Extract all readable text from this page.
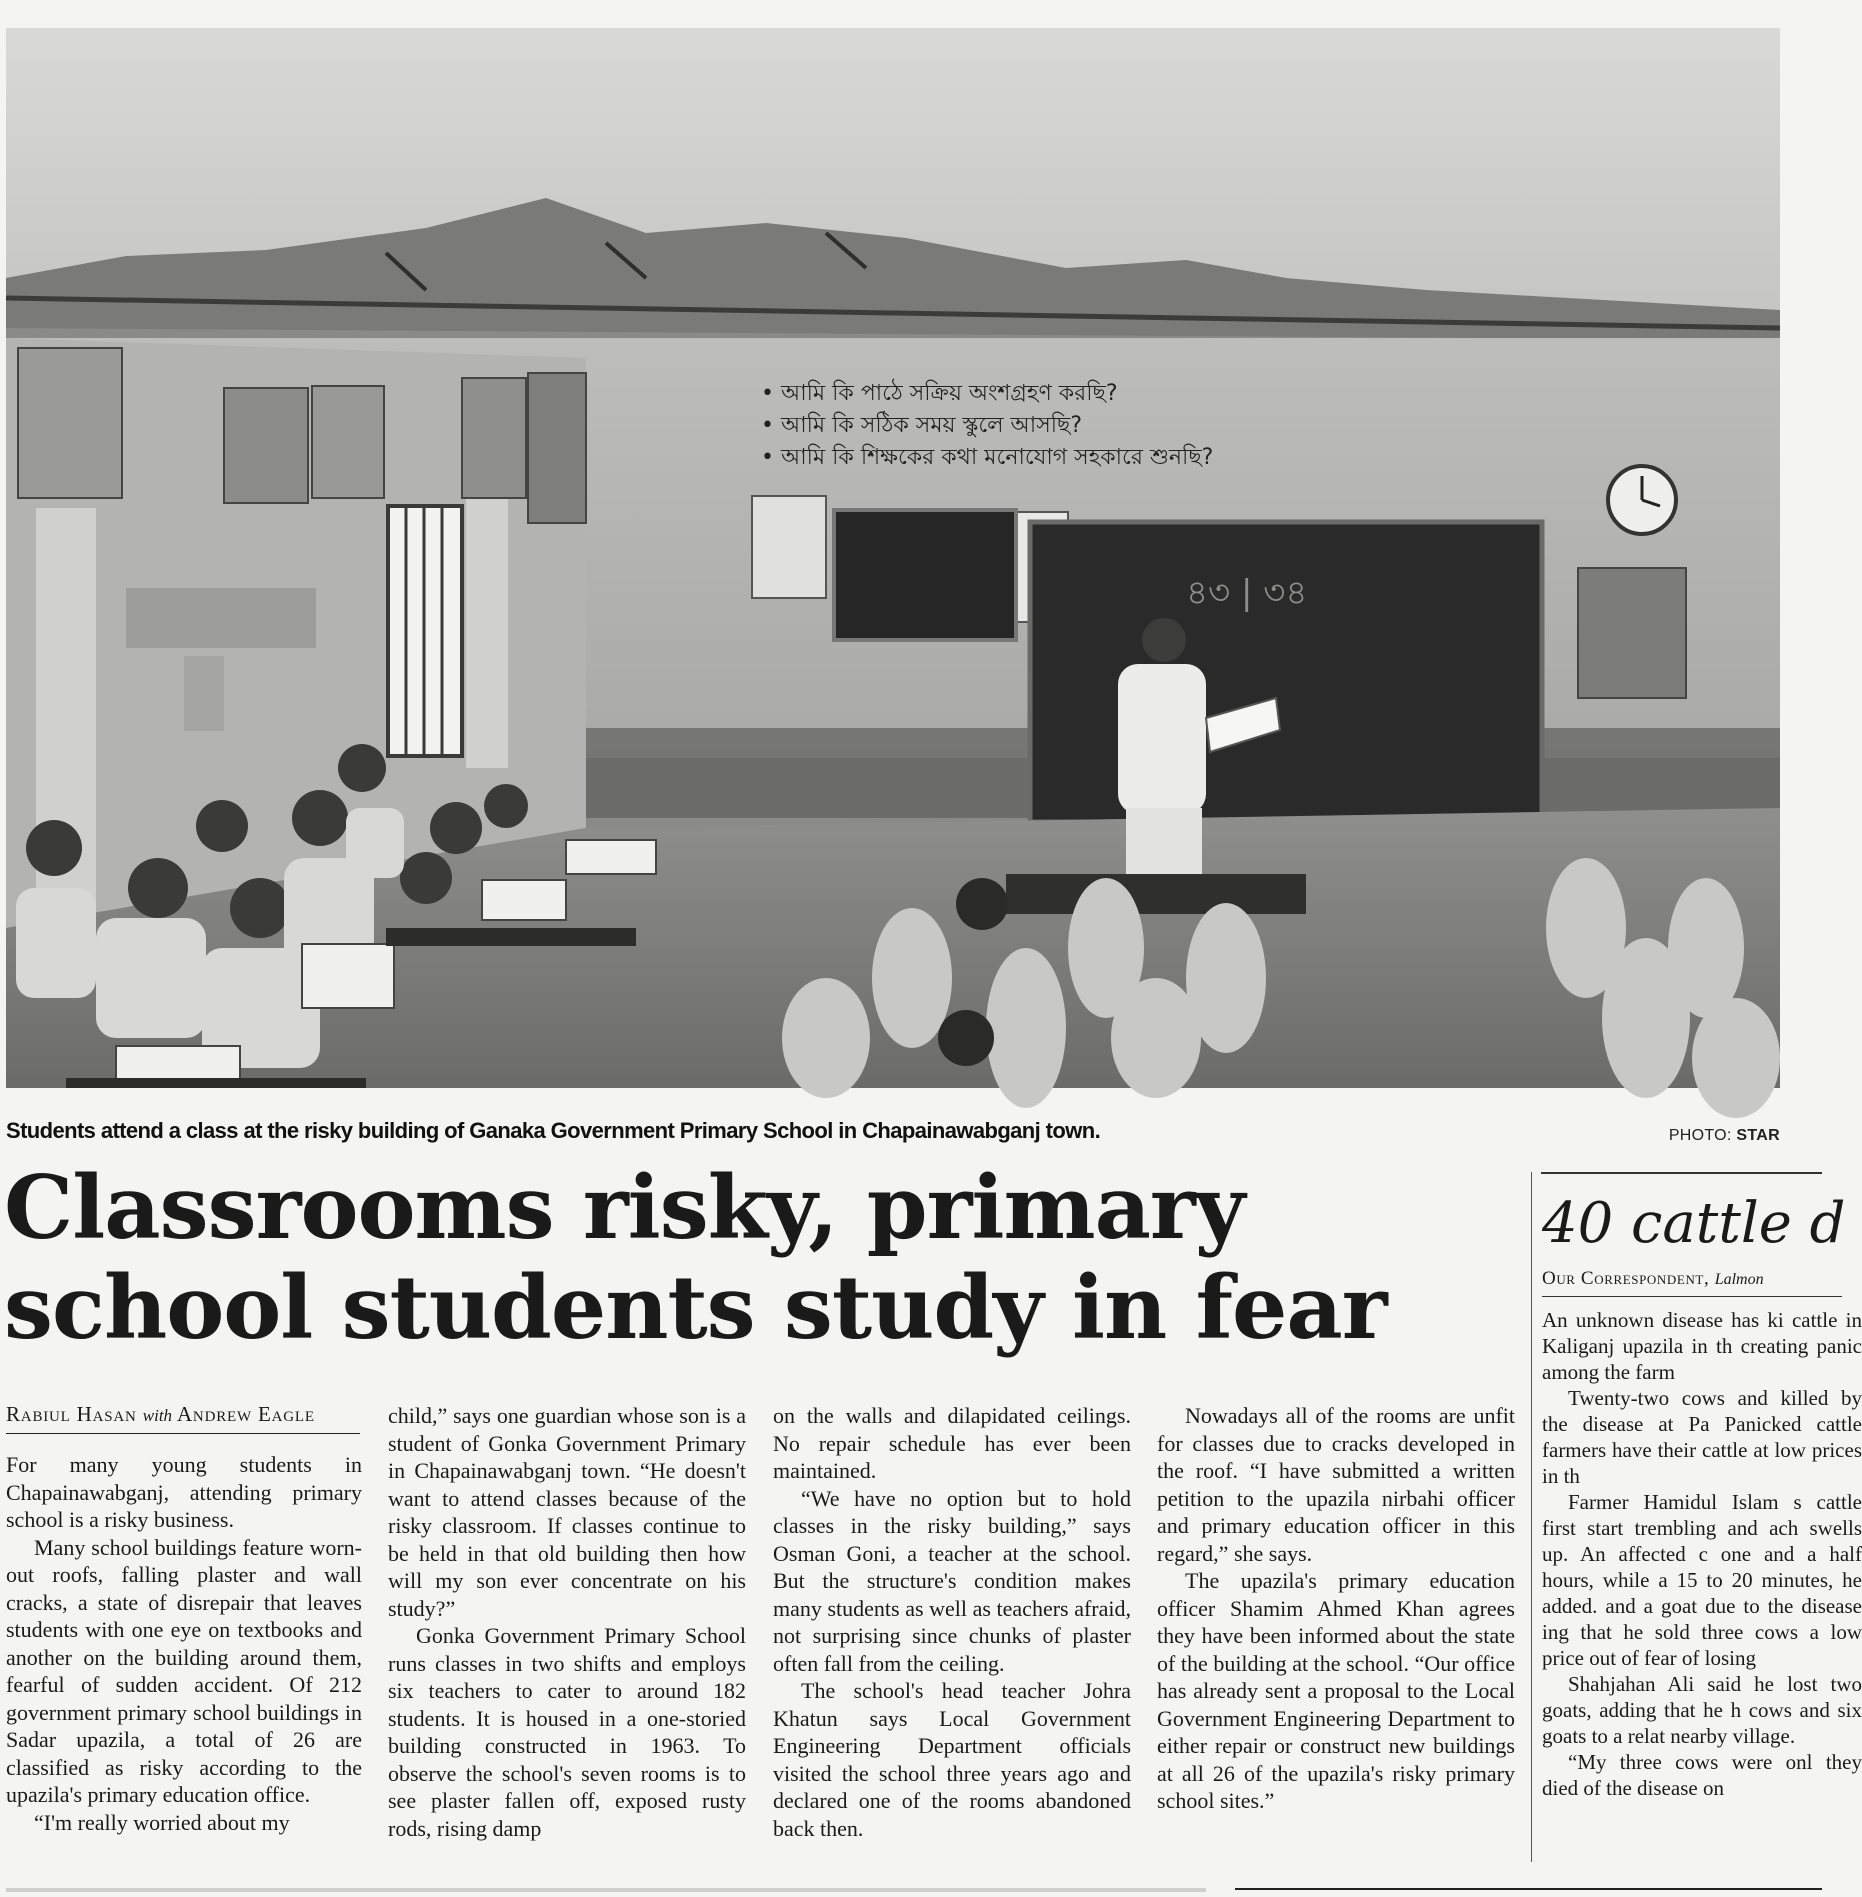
• আমি কি পাঠে সক্রিয় অংশগ্রহণ করছি?
• আমি কি সঠিক সময় স্কুলে আসছি?
• আমি কি শিক্ষকের কথা মনোযোগ সহকারে শুনছি?
৪৩ | ৩৪
Students attend a class at the risky building of Ganaka Government Primary School in Chapainawabganj town.	PHOTO: STAR
Classrooms risky, primary school students study in fear
Rabiul Hasan with Andrew Eagle

For many young students in Chapainawabganj, attending primary school is a risky business.

Many school buildings feature worn-out roofs, falling plaster and wall cracks, a state of disrepair that leaves students with one eye on textbooks and another on the building around them, fearful of sudden accident. Of 212 government primary school buildings in Sadar upazila, a total of 26 are classified as risky according to the upazila's primary education office.

“I'm really worried about my

child,” says one guardian whose son is a student of Gonka Government Primary in Chapainawabganj town. “He doesn't want to attend classes because of the risky classroom. If classes continue to be held in that old building then how will my son ever concentrate on his study?”

Gonka Government Primary School runs classes in two shifts and employs six teachers to cater to around 182 students. It is housed in a one-storied building constructed in 1963. To observe the school's seven rooms is to see plaster fallen off, exposed rusty rods, rising damp

on the walls and dilapidated ceilings. No repair schedule has ever been maintained.

“We have no option but to hold classes in the risky building,” says Osman Goni, a teacher at the school. But the structure's condition makes many students as well as teachers afraid, not surprising since chunks of plaster often fall from the ceiling.

The school's head teacher Johra Khatun says Local Government Engineering Department officials visited the school three years ago and declared one of the rooms abandoned back then.

Nowadays all of the rooms are unfit for classes due to cracks developed in the roof. “I have submitted a written petition to the upazila nirbahi officer and primary education officer in this regard,” she says.

The upazila's primary education officer Shamim Ahmed Khan agrees they have been informed about the state of the building at the school. “Our office has already sent a proposal to the Local Government Engineering Department to either repair or construct new buildings at all 26 of the upazila's risky primary school sites.”

40 cattle d
Our Correspondent, Lalmon

An unknown disease has ki cattle in Kaliganj upazila in th creating panic among the farm

Twenty-two cows and killed by the disease at Pa Panicked cattle farmers have their cattle at low prices in th

Farmer Hamidul Islam s cattle first start trembling and ach swells up. An affected c one and a half hours, while a 15 to 20 minutes, he added. and a goat due to the disease ing that he sold three cows a low price out of fear of losing

Shahjahan Ali said he lost two goats, adding that he h cows and six goats to a relat nearby village.

“My three cows were onl they died of the disease on
